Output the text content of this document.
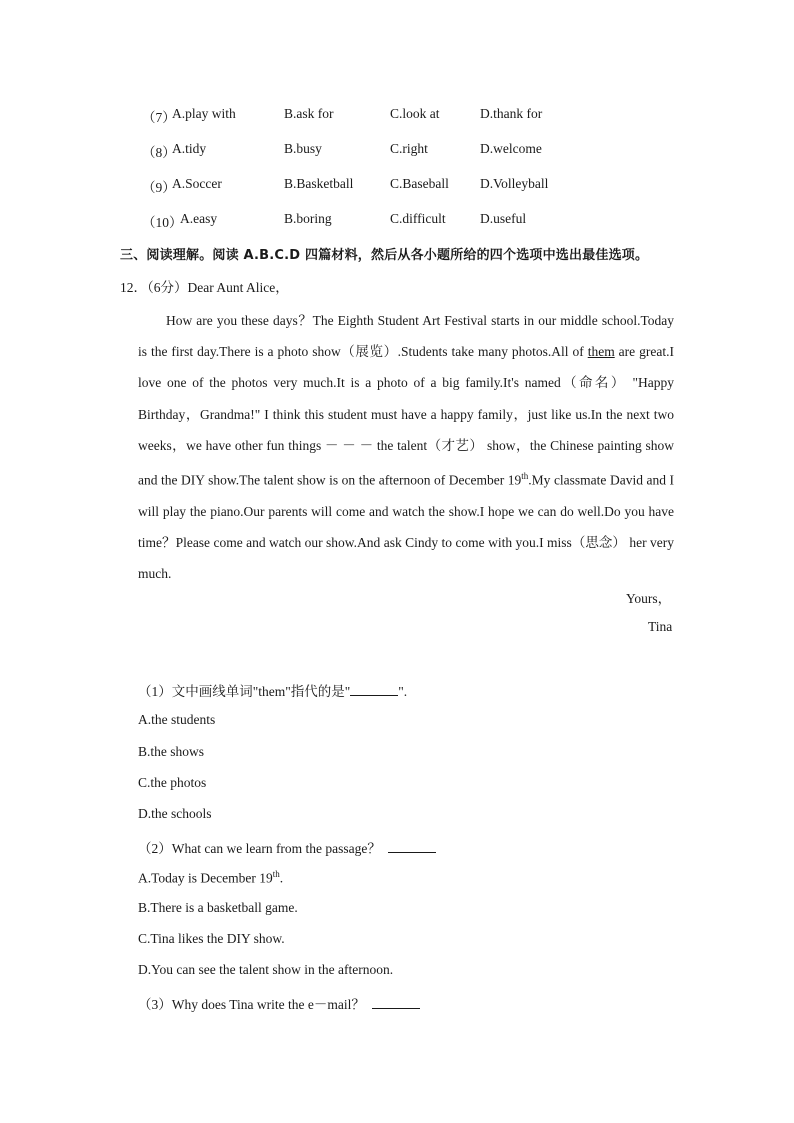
（7）
A.play with	B.ask for	C.look at	D.thank for
（8）
A.tidy	B.busy	C.right	D.welcome
（9）
A.Soccer	B.Basketball	C.Baseball D.Volleyball
（10）
A.easy	B.boring	C.difficult	D.useful
三、阅读理解。阅读 A.B.C.D 四篇材料，然后从各小题所给的四个选项中选出最佳选项。
12．（6分）Dear Aunt Alice，

How are you these days？The Eighth Student Art Festival starts in our middle school.Today is the first day.There is a photo show（展览）.Students take many photos.All of them are great.I love one of the photos very much.It is a photo of a big family.It's named（命名） "Happy Birthday，Grandma!" I think this student must have a happy family，just like us.In the next two weeks，we have other fun things － － － the talent（才艺） show，the Chinese painting show and the DIY show.The talent show is on the afternoon of December 19th.My classmate David and I will play the piano.Our parents will come and watch the show.I hope we can do well.Do you have time？Please come and watch our show.And ask Cindy to come with you.I miss（思念） her very much.

Yours，
Tina
（1）文中画线单词"them"指代的是"	".
A.the students
B.the shows
C.the photos
D.the schools
（2）What can we learn from the passage？
A.Today is December 19th.
B.There is a basketball game.
C.Tina likes the DIY show.
D.You can see the talent show in the afternoon.
（3）Why does Tina write the e－mail？
